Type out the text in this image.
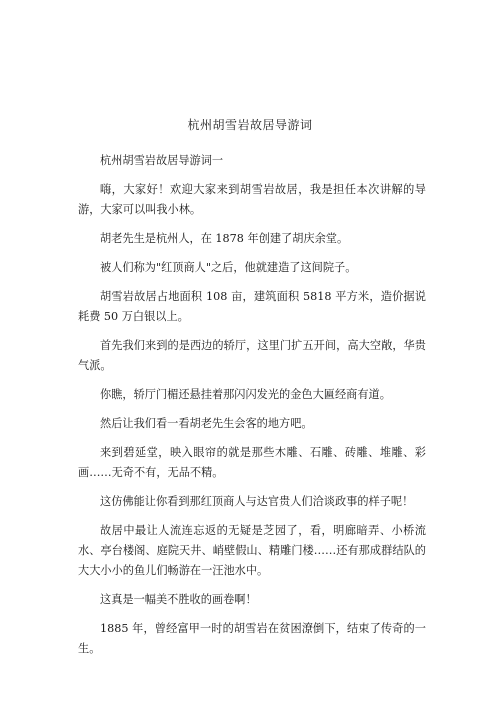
杭州胡雪岩故居导游词

杭州胡雪岩故居导游词一

嗨，大家好！欢迎大家来到胡雪岩故居，我是担任本次讲解的导游，大家可以叫我小林。

胡老先生是杭州人，在 1878 年创建了胡庆余堂。

被人们称为"红顶商人"之后，他就建造了这间院子。

胡雪岩故居占地面积 108 亩，建筑面积 5818 平方米，造价据说耗费 50 万白银以上。

首先我们来到的是西边的轿厅，这里门扩五开间，高大空敞，华贵气派。

你瞧，轿厅门楣还悬挂着那闪闪发光的金色大匾经商有道。

然后让我们看一看胡老先生会客的地方吧。

来到碧延堂，映入眼帘的就是那些木雕、石雕、砖雕、堆雕、彩画……无奇不有，无品不精。

这仿佛能让你看到那红顶商人与达官贵人们洽谈政事的样子呢！

故居中最让人流连忘返的无疑是芝园了，看，明廊暗弄、小桥流水、亭台楼阁、庭院天井、峭壁假山、精雕门楼……还有那成群结队的大大小小的鱼儿们畅游在一汪池水中。

这真是一幅美不胜收的画卷啊！

1885 年，曾经富甲一时的胡雪岩在贫困潦倒下，结束了传奇的一生。
